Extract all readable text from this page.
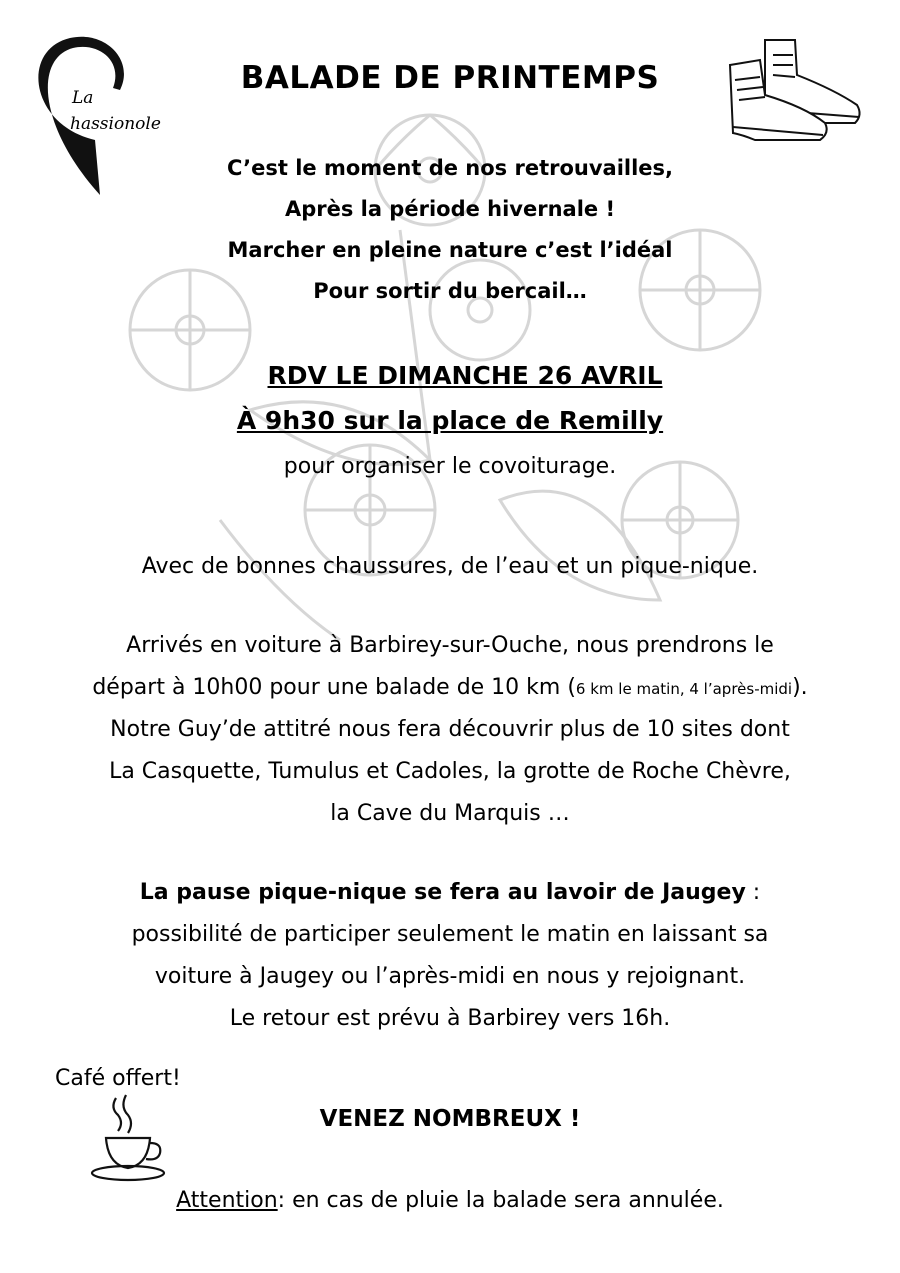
La
hassionole
BALADE DE PRINTEMPS
C’est le moment de nos retrouvailles,
Après la période hivernale !
Marcher en pleine nature c’est l’idéal
Pour sortir du bercail…
RDV LE DIMANCHE 26 AVRIL
À 9h30 sur la place de Remilly
pour organiser le covoiturage.
Avec de bonnes chaussures, de l’eau et un pique-nique.
Arrivés en voiture à Barbirey-sur-Ouche, nous prendrons le
départ à 10h00 pour une balade de 10 km (6 km le matin, 4 l’après-midi).
Notre Guy’de attitré nous fera découvrir plus de 10 sites dont
La Casquette, Tumulus et Cadoles, la grotte de Roche Chèvre,
la Cave du Marquis …
La pause pique-nique se fera au lavoir de Jaugey :
possibilité de participer seulement le matin en laissant sa
voiture à Jaugey ou l’après-midi en nous y rejoignant.
Le retour est prévu à Barbirey vers 16h.
Café offert!
VENEZ NOMBREUX !
Attention: en cas de pluie la balade sera annulée.
